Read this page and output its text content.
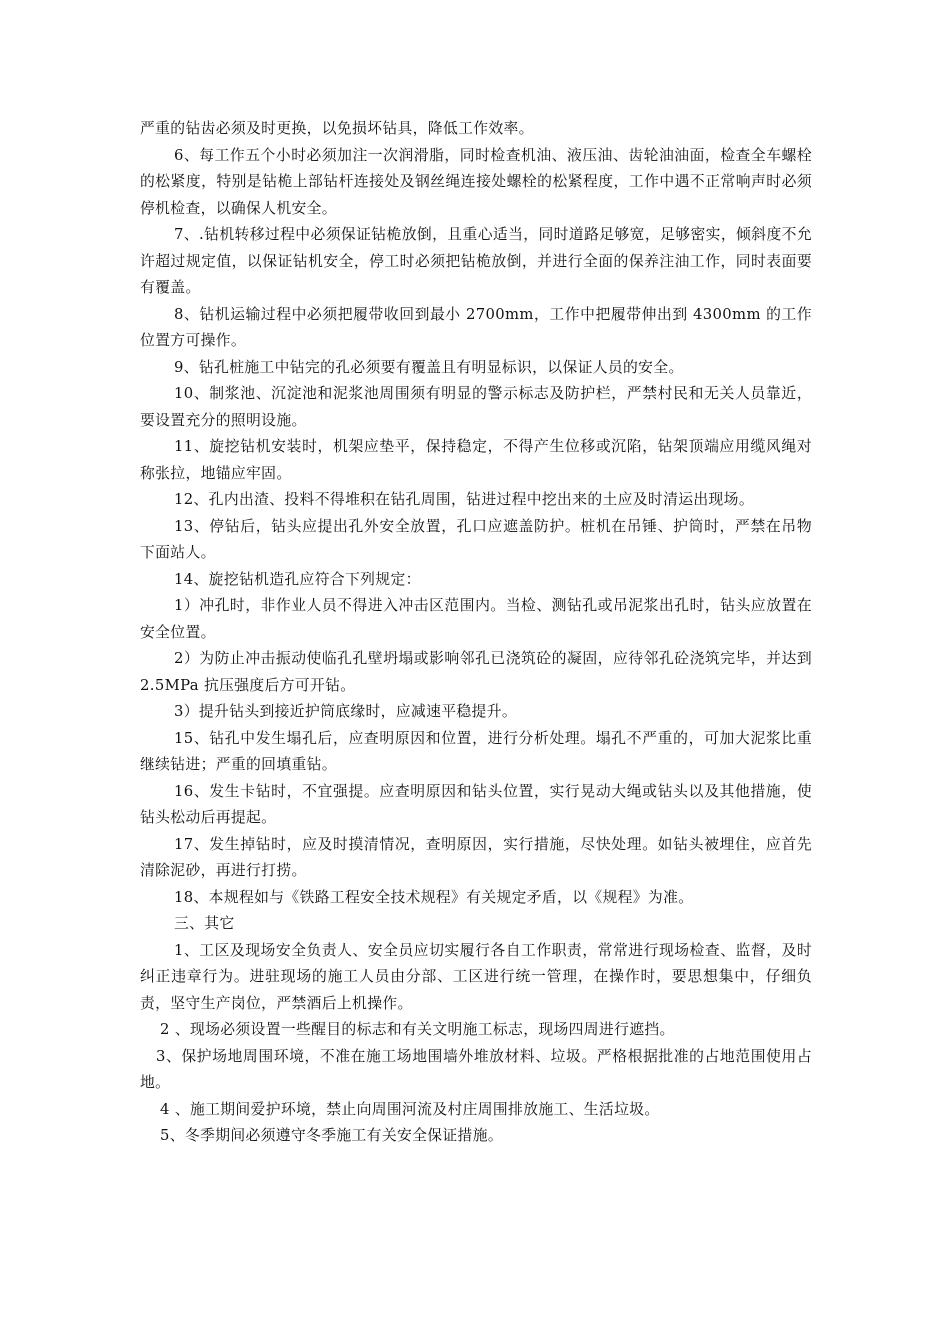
严重的钻齿必须及时更换，以免损坏钻具，降低工作效率。

6、每工作五个小时必须加注一次润滑脂，同时检查机油、液压油、齿轮油油面，检查全车螺栓的松紧度，特别是钻桅上部钻杆连接处及钢丝绳连接处螺栓的松紧程度，工作中遇不正常响声时必须停机检查，以确保人机安全。

7、.钻机转移过程中必须保证钻桅放倒，且重心适当，同时道路足够宽，足够密实，倾斜度不允许超过规定值，以保证钻机安全，停工时必须把钻桅放倒，并进行全面的保养注油工作，同时表面要有覆盖。

8、钻机运输过程中必须把履带收回到最小 2700mm，工作中把履带伸出到 4300mm 的工作位置方可操作。

9、钻孔桩施工中钻完的孔必须要有覆盖且有明显标识，以保证人员的安全。

10、制浆池、沉淀池和泥浆池周围须有明显的警示标志及防护栏，严禁村民和无关人员靠近，要设置充分的照明设施。

11、旋挖钻机安装时，机架应垫平，保持稳定，不得产生位移或沉陷，钻架顶端应用缆风绳对称张拉，地锚应牢固。

12、孔内出渣、投料不得堆积在钻孔周围，钻进过程中挖出来的土应及时清运出现场。

13、停钻后，钻头应提出孔外安全放置，孔口应遮盖防护。桩机在吊锤、护筒时，严禁在吊物下面站人。

14、旋挖钻机造孔应符合下列规定：

1）冲孔时，非作业人员不得进入冲击区范围内。当检、测钻孔或吊泥浆出孔时，钻头应放置在安全位置。

2）为防止冲击振动使临孔孔壁坍塌或影响邻孔已浇筑砼的凝固，应待邻孔砼浇筑完毕，并达到 2.5MPa 抗压强度后方可开钻。

3）提升钻头到接近护筒底缘时，应减速平稳提升。

15、钻孔中发生塌孔后，应查明原因和位置，进行分析处理。塌孔不严重的，可加大泥浆比重继续钻进；严重的回填重钻。

16、发生卡钻时，不宜强提。应查明原因和钻头位置，实行晃动大绳或钻头以及其他措施，使钻头松动后再提起。

17、发生掉钻时，应及时摸清情况，查明原因，实行措施，尽快处理。如钻头被埋住，应首先清除泥砂，再进行打捞。

18、本规程如与《铁路工程安全技术规程》有关规定矛盾，以《规程》为准。

三、其它

1、工区及现场安全负责人、安全员应切实履行各自工作职责，常常进行现场检查、监督，及时纠正违章行为。进驻现场的施工人员由分部、工区进行统一管理，在操作时，要思想集中，仔细负责，坚守生产岗位，严禁酒后上机操作。

2 、现场必须设置一些醒目的标志和有关文明施工标志，现场四周进行遮挡。

3、保护场地周围环境，不准在施工场地围墙外堆放材料、垃圾。严格根据批准的占地范围使用占地。

4 、施工期间爱护环境，禁止向周围河流及村庄周围排放施工、生活垃圾。

5、冬季期间必须遵守冬季施工有关安全保证措施。
